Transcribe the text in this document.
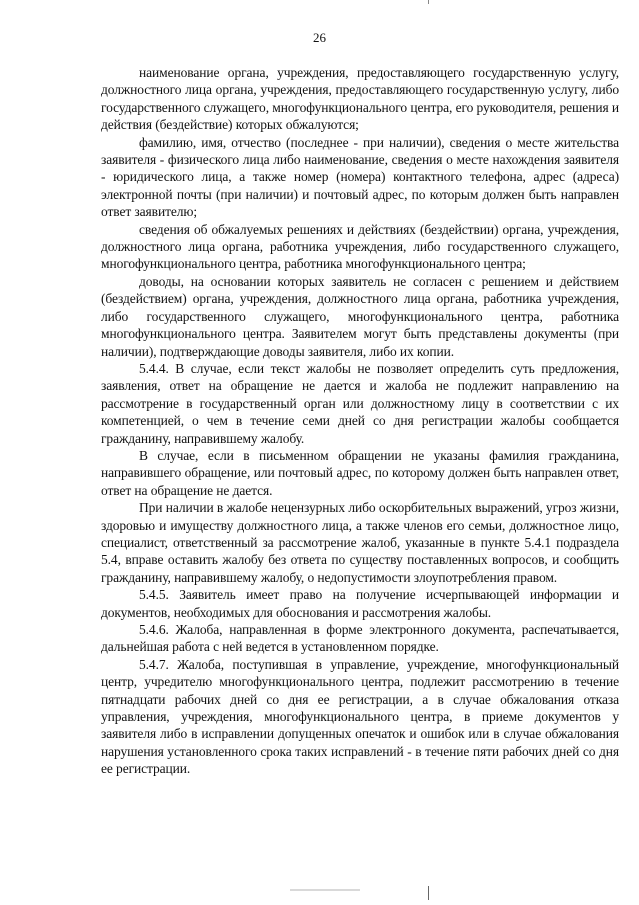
26

наименование органа, учреждения, предоставляющего государственную услугу, должностного лица органа, учреждения, предоставляющего государственную услугу, либо государственного служащего, многофункционального центра, его руководителя, решения и действия (бездействие) которых обжалуются;

фамилию, имя, отчество (последнее - при наличии), сведения о месте жительства заявителя - физического лица либо наименование, сведения о месте нахождения заявителя - юридического лица, а также номер (номера) контактного телефона, адрес (адреса) электронной почты (при наличии) и почтовый адрес, по которым должен быть направлен ответ заявителю;

сведения об обжалуемых решениях и действиях (бездействии) органа, учреждения, должностного лица органа, работника учреждения, либо государственного служащего, многофункционального центра, работника многофункционального центра;

доводы, на основании которых заявитель не согласен с решением и действием (бездействием) органа, учреждения, должностного лица органа, работника учреждения, либо государственного служащего, многофункционального центра, работника многофункционального центра. Заявителем могут быть представлены документы (при наличии), подтверждающие доводы заявителя, либо их копии.

5.4.4. В случае, если текст жалобы не позволяет определить суть предложения, заявления, ответ на обращение не дается и жалоба не подлежит направлению на рассмотрение в государственный орган или должностному лицу в соответствии с их компетенцией, о чем в течение семи дней со дня регистрации жалобы сообщается гражданину, направившему жалобу.

В случае, если в письменном обращении не указаны фамилия гражданина, направившего обращение, или почтовый адрес, по которому должен быть направлен ответ, ответ на обращение не дается.

При наличии в жалобе нецензурных либо оскорбительных выражений, угроз жизни, здоровью и имуществу должностного лица, а также членов его семьи, должностное лицо, специалист, ответственный за рассмотрение жалоб, указанные в пункте 5.4.1 подраздела 5.4, вправе оставить жалобу без ответа по существу поставленных вопросов, и сообщить гражданину, направившему жалобу, о недопустимости злоупотребления правом.

5.4.5. Заявитель имеет право на получение исчерпывающей информации и документов, необходимых для обоснования и рассмотрения жалобы.

5.4.6. Жалоба, направленная в форме электронного документа, распечатывается, дальнейшая работа с ней ведется в установленном порядке.

5.4.7. Жалоба, поступившая в управление, учреждение, многофункциональный центр, учредителю многофункционального центра, подлежит рассмотрению в течение пятнадцати рабочих дней со дня ее регистрации, а в случае обжалования отказа управления, учреждения, многофункционального центра, в приеме документов у заявителя либо в исправлении допущенных опечаток и ошибок или в случае обжалования нарушения установленного срока таких исправлений - в течение пяти рабочих дней со дня ее регистрации.
